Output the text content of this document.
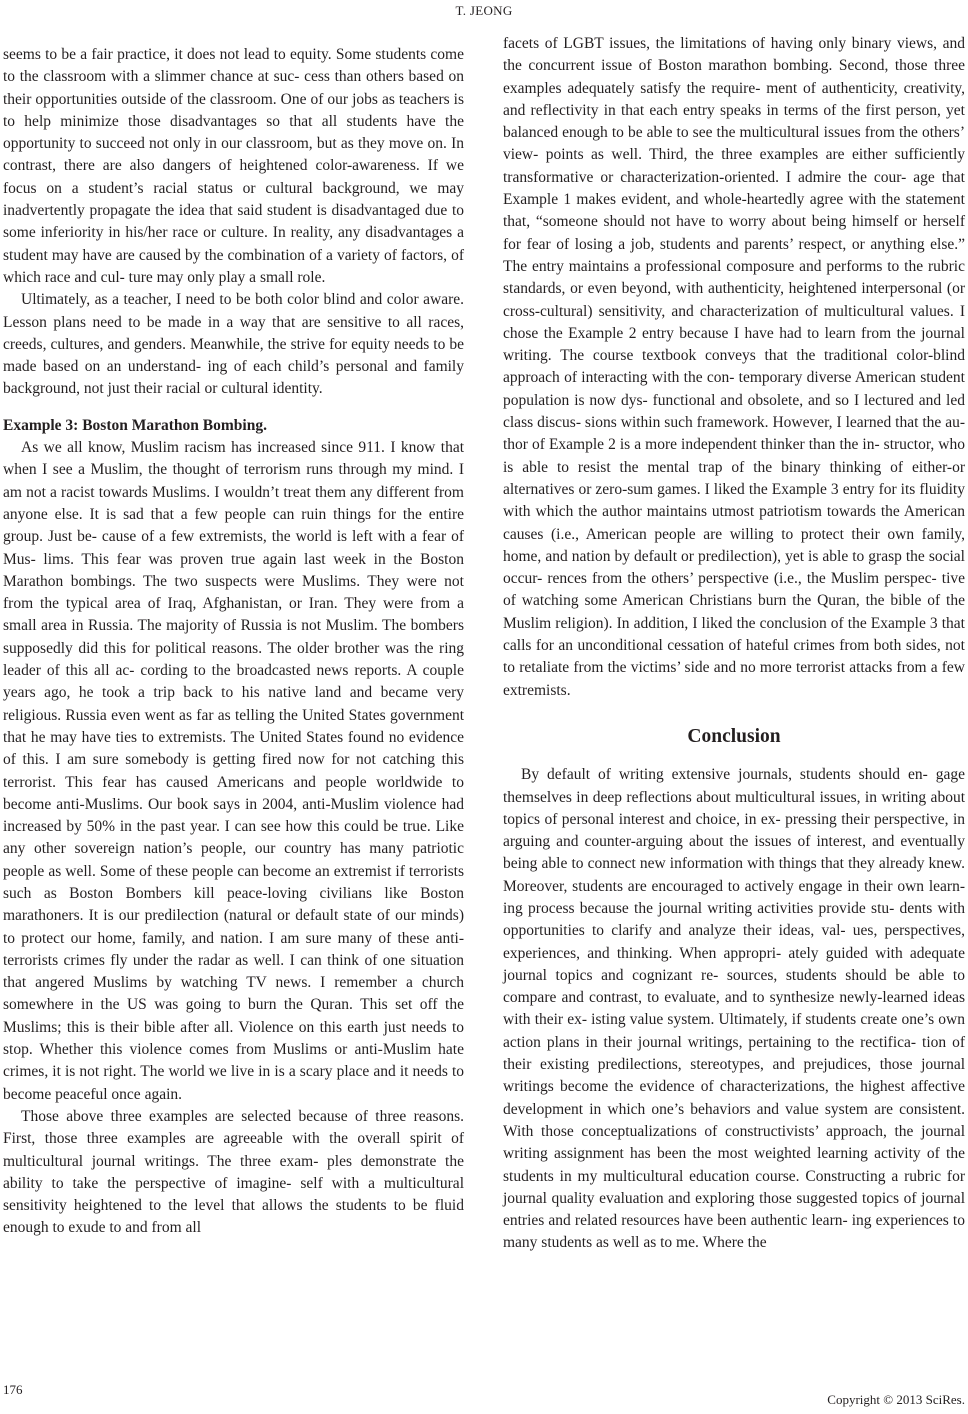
T. JEONG

seems to be a fair practice, it does not lead to equity. Some students come to the classroom with a slimmer chance at suc- cess than others based on their opportunities outside of the classroom. One of our jobs as teachers is to help minimize those disadvantages so that all students have the opportunity to succeed not only in our classroom, but as they move on. In contrast, there are also dangers of heightened color-awareness. If we focus on a student’s racial status or cultural background, we may inadvertently propagate the idea that said student is disadvantaged due to some inferiority in his/her race or culture. In reality, any disadvantages a student may have are caused by the combination of a variety of factors, of which race and cul- ture may only play a small role.

Ultimately, as a teacher, I need to be both color blind and color aware. Lesson plans need to be made in a way that are sensitive to all races, creeds, cultures, and genders. Meanwhile, the strive for equity needs to be made based on an understand- ing of each child’s personal and family background, not just their racial or cultural identity.

Example 3: Boston Marathon Bombing.

As we all know, Muslim racism has increased since 911. I know that when I see a Muslim, the thought of terrorism runs through my mind. I am not a racist towards Muslims. I wouldn’t treat them any different from anyone else. It is sad that a few people can ruin things for the entire group. Just be- cause of a few extremists, the world is left with a fear of Mus- lims. This fear was proven true again last week in the Boston Marathon bombings. The two suspects were Muslims. They were not from the typical area of Iraq, Afghanistan, or Iran. They were from a small area in Russia. The majority of Russia is not Muslim. The bombers supposedly did this for political reasons. The older brother was the ring leader of this all ac- cording to the broadcasted news reports. A couple years ago, he took a trip back to his native land and became very religious. Russia even went as far as telling the United States government that he may have ties to extremists. The United States found no evidence of this. I am sure somebody is getting fired now for not catching this terrorist. This fear has caused Americans and people worldwide to become anti-Muslims. Our book says in 2004, anti-Muslim violence had increased by 50% in the past year. I can see how this could be true. Like any other sovereign nation’s people, our country has many patriotic people as well. Some of these people can become an extremist if terrorists such as Boston Bombers kill peace-loving civilians like Boston marathoners. It is our predilection (natural or default state of our minds) to protect our home, family, and nation. I am sure many of these anti-terrorists crimes fly under the radar as well. I can think of one situation that angered Muslims by watching TV news. I remember a church somewhere in the US was going to burn the Quran. This set off the Muslims; this is their bible after all. Violence on this earth just needs to stop. Whether this violence comes from Muslims or anti-Muslim hate crimes, it is not right. The world we live in is a scary place and it needs to become peaceful once again.

Those above three examples are selected because of three reasons. First, those three examples are agreeable with the overall spirit of multicultural journal writings. The three exam- ples demonstrate the ability to take the perspective of imagine- self with a multicultural sensitivity heightened to the level that allows the students to be fluid enough to exude to and from all

facets of LGBT issues, the limitations of having only binary views, and the concurrent issue of Boston marathon bombing. Second, those three examples adequately satisfy the require- ment of authenticity, creativity, and reflectivity in that each entry speaks in terms of the first person, yet balanced enough to be able to see the multicultural issues from the others’ view- points as well. Third, the three examples are either sufficiently transformative or characterization-oriented. I admire the cour- age that Example 1 makes evident, and whole-heartedly agree with the statement that, “someone should not have to worry about being himself or herself for fear of losing a job, students and parents’ respect, or anything else.” The entry maintains a professional composure and performs to the rubric standards, or even beyond, with authenticity, heightened interpersonal (or cross-cultural) sensitivity, and characterization of multicultural values. I chose the Example 2 entry because I have had to learn from the journal writing. The course textbook conveys that the traditional color-blind approach of interacting with the con- temporary diverse American student population is now dys- functional and obsolete, and so I lectured and led class discus- sions within such framework. However, I learned that the au- thor of Example 2 is a more independent thinker than the in- structor, who is able to resist the mental trap of the binary thinking of either-or alternatives or zero-sum games. I liked the Example 3 entry for its fluidity with which the author maintains utmost patriotism towards the American causes (i.e., American people are willing to protect their own family, home, and nation by default or predilection), yet is able to grasp the social occur- rences from the others’ perspective (i.e., the Muslim perspec- tive of watching some American Christians burn the Quran, the bible of the Muslim religion). In addition, I liked the conclusion of the Example 3 that calls for an unconditional cessation of hateful crimes from both sides, not to retaliate from the victims’ side and no more terrorist attacks from a few extremists.

Conclusion

By default of writing extensive journals, students should en- gage themselves in deep reflections about multicultural issues, in writing about topics of personal interest and choice, in ex- pressing their perspective, in arguing and counter-arguing about the issues of interest, and eventually being able to connect new information with things that they already knew. Moreover, students are encouraged to actively engage in their own learn- ing process because the journal writing activities provide stu- dents with opportunities to clarify and analyze their ideas, val- ues, perspectives, experiences, and thinking. When appropri- ately guided with adequate journal topics and cognizant re- sources, students should be able to compare and contrast, to evaluate, and to synthesize newly-learned ideas with their ex- isting value system. Ultimately, if students create one’s own action plans in their journal writings, pertaining to the rectifica- tion of their existing predilections, stereotypes, and prejudices, those journal writings become the evidence of characterizations, the highest affective development in which one’s behaviors and value system are consistent. With those conceptualizations of constructivists’ approach, the journal writing assignment has been the most weighted learning activity of the students in my multicultural education course. Constructing a rubric for journal quality evaluation and exploring those suggested topics of journal entries and related resources have been authentic learn- ing experiences to many students as well as to me. Where the

176
Copyright © 2013 SciRes.
